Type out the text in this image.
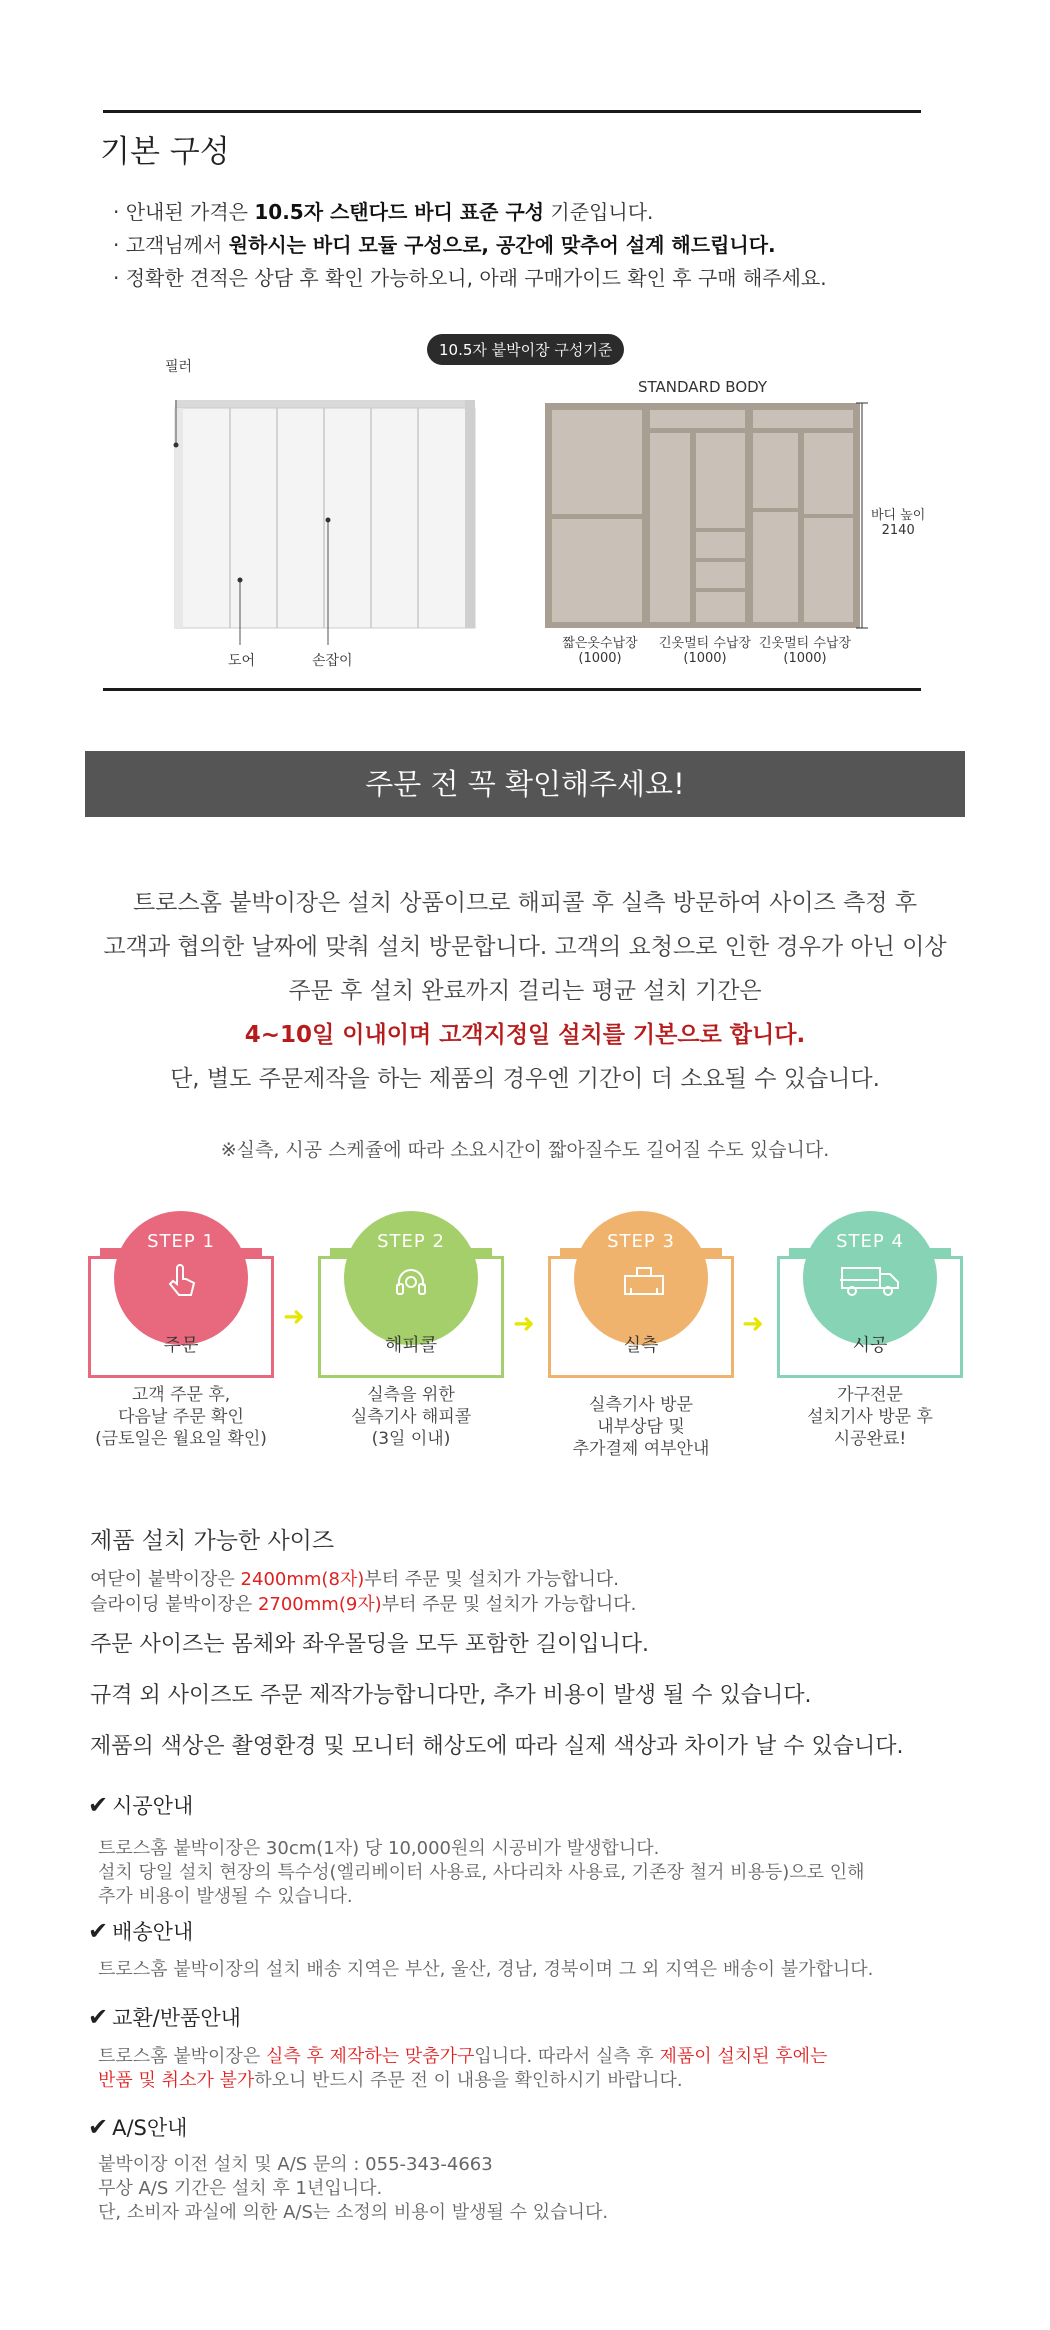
기본 구성
· 안내된 가격은 10.5자 스탠다드 바디 표준 구성 기준입니다.
· 고객님께서 원하시는 바디 모듈 구성으로, 공간에 맞추어 설계 해드립니다.
· 정확한 견적은 상담 후 확인 가능하오니, 아래 구매가이드 확인 후 구매 해주세요.
10.5자 붙박이장 구성기준
필러
도어	손잡이
STANDARD BODY
바디 높이
2140
짧은옷수납장
(1000)
긴옷멀티 수납장
(1000)
긴옷멀티 수납장
(1000)
주문 전 꼭 확인해주세요!
트로스홈 붙박이장은 설치 상품이므로 해피콜 후 실측 방문하여 사이즈 측정 후
고객과 협의한 날짜에 맞춰 설치 방문합니다. 고객의 요청으로 인한 경우가 아닌 이상
주문 후 설치 완료까지 걸리는 평균 설치 기간은
4~10일 이내이며 고객지정일 설치를 기본으로 합니다.
단, 별도 주문제작을 하는 제품의 경우엔 기간이 더 소요될 수 있습니다.
※실측, 시공 스케쥴에 따라 소요시간이 짧아질수도 길어질 수도 있습니다.
STEP 1
주문
고객 주문 후,
다음날 주문 확인
(금토일은 월요일 확인)
STEP 2
해피콜
실측을 위한
실측기사 해피콜
(3일 이내)
STEP 3
실측
실측기사 방문
내부상담 및
추가결제 여부안내
STEP 4
시공
가구전문
설치기사 방문 후
시공완료!
➜	➜	➜
제품 설치 가능한 사이즈
여닫이 붙박이장은 2400mm(8자)부터 주문 및 설치가 가능합니다.
슬라이딩 붙박이장은 2700mm(9자)부터 주문 및 설치가 가능합니다.
주문 사이즈는 몸체와 좌우몰딩을 모두 포함한 길이입니다.
규격 외 사이즈도 주문 제작가능합니다만, 추가 비용이 발생 될 수 있습니다.
제품의 색상은 촬영환경 및 모니터 해상도에 따라 실제 색상과 차이가 날 수 있습니다.
✔ 시공안내
트로스홈 붙박이장은 30cm(1자) 당 10,000원의 시공비가 발생합니다.
설치 당일 설치 현장의 특수성(엘리베이터 사용료, 사다리차 사용료, 기존장 철거 비용등)으로 인해
추가 비용이 발생될 수 있습니다.
✔ 배송안내
트로스홈 붙박이장의 설치 배송 지역은 부산, 울산, 경남, 경북이며 그 외 지역은 배송이 불가합니다.
✔ 교환/반품안내
트로스홈 붙박이장은 실측 후 제작하는 맞춤가구입니다. 따라서 실측 후 제품이 설치된 후에는
반품 및 취소가 불가하오니 반드시 주문 전 이 내용을 확인하시기 바랍니다.
✔ A/S안내
붙박이장 이전 설치 및 A/S 문의 : 055-343-4663
무상 A/S 기간은 설치 후 1년입니다.
단, 소비자 과실에 의한 A/S는 소정의 비용이 발생될 수 있습니다.
